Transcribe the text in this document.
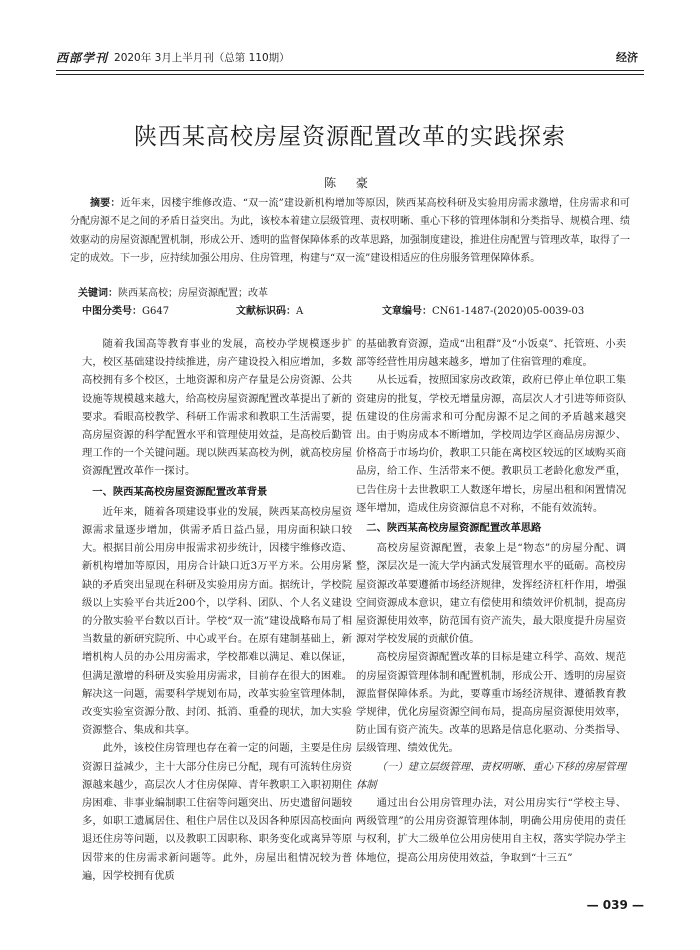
西部学刊 2020年 3月上半月刊（总第 110期）	经济
陕西某高校房屋资源配置改革的实践探索
陈 豪
摘要：近年来，因楼宇维修改造、“双一流”建设新机构增加等原因，陕西某高校科研及实验用房需求激增，住房需求和可分配房源不足之间的矛盾日益突出。为此，该校本着建立层级管理、责权明晰、重心下移的管理体制和分类指导、规模合理、绩效驱动的房屋资源配置机制，形成公开、透明的监督保障体系的改革思路，加强制度建设，推进住房配置与管理改革，取得了一定的成效。下一步，应持续加强公用房、住房管理，构建与“双一流”建设相适应的住房服务管理保障体系。
关键词：陕西某高校；房屋资源配置；改革
中图分类号：G647	文献标识码：A	文章编号：CN61-1487-(2020)05-0039-03

随着我国高等教育事业的发展，高校办学规模逐步扩大，校区基础建设持续推进，房产建设投入相应增加，多数高校拥有多个校区，土地资源和房产存量是公房资源、公共设施等规模越来越大，给高校房屋资源配置改革提出了新的要求。看眼高校教学、科研工作需求和教职工生活需要，提高房屋资源的科学配置水平和管理使用效益，是高校后勤管理工作的一个关键问题。现以陕西某高校为例，就高校房屋资源配置改革作一探讨。

一、陕西某高校房屋资源配置改革背景

近年来，随着各项建设事业的发展，陕西某高校房屋资源需求量逐步增加，供需矛盾日益凸显，用房面积缺口较大。根据目前公用房申报需求初步统计，因楼宇维修改造、新机构增加等原因，用房合计缺口近3万平方米。公用房紧缺的矛盾突出显现在科研及实验用房方面。据统计，学校院级以上实验平台共近200个，以学科、团队、个人名义建设的分散实验平台数以百计。学校“双一流”建设战略布局了相当数量的新研究院所、中心或平台。在原有建制基础上，新增机构人员的办公用房需求，学校都难以满足、难以保证，但满足激增的科研及实验用房需求，目前存在很大的困难。解决这一问题，需要科学规划布局，改革实验室管理体制，改变实验室资源分散、封闭、抵消、重叠的现状，加大实验资源整合、集成和共享。

此外，该校住房管理也存在着一定的问题，主要是住房资源日益减少，主十大部分住房已分配，现有可流转住房资源越来越少，高层次人才住房保障、青年教职工入职初期住房困难、非事业编制职工住宿等问题突出、历史遗留问题较多，如职工遗属居住、租住户居住以及因各种原因高校面向退还住房等问题，以及教职工因职称、职务变化或离异等原因带来的住房需求新问题等。此外，房屋出租情况较为普遍，因学校拥有优质

的基础教育资源，造成“出租群”及“小饭桌”、托管班、小卖部等经营性用房越来越多，增加了住宿管理的难度。

从长远看，按照国家房改政策，政府已停止单位职工集资建房的批复，学校无增量房源，高层次人才引进等师资队伍建设的住房需求和可分配房源不足之间的矛盾越来越突出。由于购房成本不断增加，学校周边学区商品房房源少、价格高于市场均价，教职工只能在离校区较远的区域购买商品房，给工作、生活带来不便。教职员工老龄化愈发严重，已告住房十去世教职工人数逐年增长，房屋出租和闲置情况逐年增加，造成住房资源信息不对称，不能有效流转。

二、陕西某高校房屋资源配置改革思路

高校房屋资源配置，表象上是“物态”的房屋分配、调整，深层次是一流大学内涵式发展管理水平的砥砺。高校房屋资源改革要遵循市场经济规律，发挥经济杠杆作用，增强空间资源成本意识，建立有偿使用和绩效评价机制，提高房屋资源使用效率，防范国有资产流失，最大限度提升房屋资源对学校发展的贡献价值。

高校房屋资源配置改革的目标是建立科学、高效、规范的房屋资源管理体制和配置机制，形成公开、透明的房屋资源监督保障体系。为此，要尊重市场经济规律、遵循教育教学规律，优化房屋资源空间布局，提高房屋资源使用效率，防止国有资产流失。改革的思路是信息化驱动、分类指导、层级管理、绩效优先。

（一）建立层级管理、责权明晰、重心下移的房屋管理体制

通过出台公用房管理办法，对公用房实行“学校主导、两级管理”的公用房资源管理体制，明确公用房使用的责任与权利，扩大二级单位公用房使用自主权，落实学院办学主体地位，提高公用房使用效益，争取到“十三五”

— 039 —
